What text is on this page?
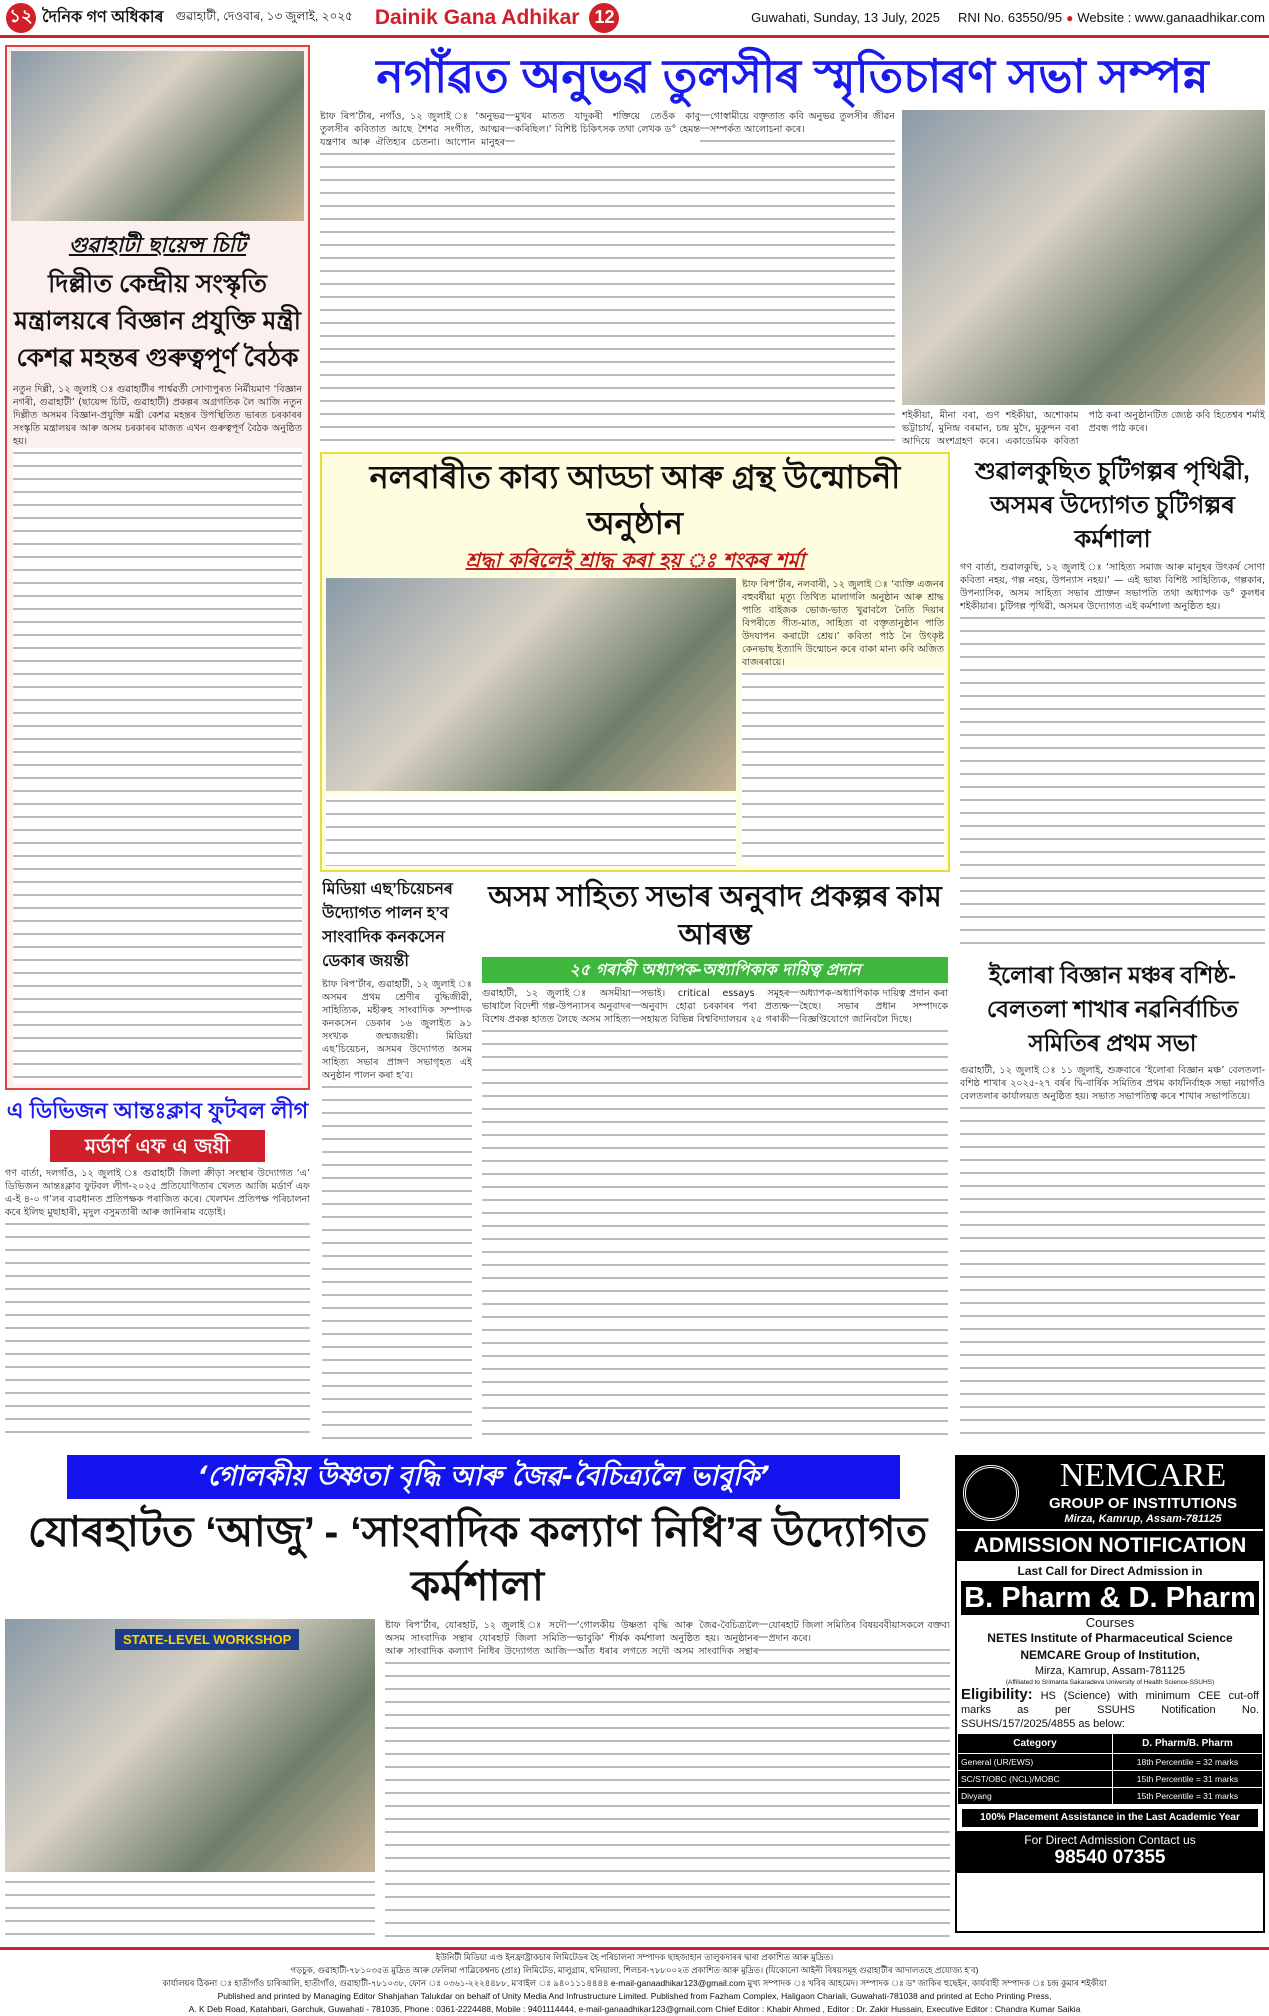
১২ দৈনিক গণ অধিকাৰ গুৱাহাটী, দেওবাৰ, ১৩ জুলাই, ২০২৫ Dainik Gana Adhikar 12	Guwahati, Sunday, 13 July, 2025 RNI No. 63550/95 ● Website : www.ganaadhikar.com
গুৱাহাটী ছায়েন্স চিটি
দিল্লীত কেন্দ্ৰীয় সংস্কৃতি মন্ত্ৰালয়ৰে বিজ্ঞান প্ৰযুক্তি মন্ত্ৰী কেশৱ মহন্তৰ গুৰুত্বপূৰ্ণ বৈঠক

নতুন দিল্লী, ১২ জুলাই ঃ গুৱাহাটীৰ পাৰ্শ্বৱৰ্তী সোণাপুৰত নিৰ্মীয়মাণ ‘বিজ্ঞান নগৰী, গুৱাহাটী’ (ছায়েন্স চিটি, গুৱাহাটী) প্ৰকল্পৰ অগ্ৰগতিক লৈ আজি নতুন দিল্লীত অসমৰ বিজ্ঞান-প্ৰযুক্তি মন্ত্ৰী কেশৱ মহন্তৰ উপস্থিতিত ভাৰত চৰকাৰৰ সংস্কৃতি মন্ত্ৰালয়ৰ আৰু অসম চৰকাৰৰ মাজত এখন গুৰুত্বপূৰ্ণ বৈঠক অনুষ্ঠিত হয়।

নগাঁৱত অনুভৱ তুলসীৰ স্মৃতিচাৰণ সভা সম্পন্ন

ষ্টাফ ৰিপ’ৰ্টাৰ, নগাঁও, ১২ জুলাই ঃ ‘অনুভৱ তুলসীৰ কবিতাত আছে শৈশৱ সংগীত, আত্মৰ যন্ত্ৰণাৰ আৰু ঐতিহ্যৰ চেতনা। আপোন মানুহৰ মুখৰ মাতত যাদুকৰী শক্তিয়ে তেওঁক কাবু কৰিছিল।’ বিশিষ্ট চিকিৎসক তথা লেখক ড° হেমন্ত গোস্বামীয়ে বক্তৃতাত কবি অনুভৱ তুলসীৰ জীৱন সম্পৰ্কত আলোচনা কৰে।

শইকীয়া, মীনা বৰা, গুণ শইকীয়া, অশোকাম ভট্টাচাৰ্য, মুনিন্দ্ৰ বৰমান, চন্দ্ৰ মুদৈ, মুকুন্দন বৰা আদিয়ে অংশগ্ৰহণ কৰে। একাডেমিক কবিতা পাঠ কৰা অনুষ্ঠানটিত জ্যেষ্ঠ কবি হিতেশ্বৰ শৰ্মাই প্ৰবন্ধ পাঠ কৰে।
নলবাৰীত কাব্য আড্ডা আৰু গ্ৰন্থ উন্মোচনী অনুষ্ঠান
শ্ৰদ্ধা কৰিলেই শ্ৰাদ্ধ কৰা হয় ঃ শংকৰ শৰ্মা

ষ্টাফ ৰিপ’ৰ্টাৰ, নলবাৰী, ১২ জুলাই ঃ ‘ব্যক্তি এজনৰ বহুবৰ্ষীয়া মৃত্যু তিথিত মালাগলি অনুষ্ঠান আৰু শ্ৰাদ্ধ পাতি বাইজক ভোজ-ভাত খুৱাবলৈ নৈতি দিয়াৰ বিপৰীতে গীত-মাত, সাহিত্য বা বক্তৃতানুষ্ঠান পাতি উদযাপন কৰাটো শ্ৰেয়।’ কবিতা পাঠ নৈ উৎকৃষ্ট কেনভাছ ইত্যাদি উন্মোচন কৰে বাকা মান্য কবি অজিত বাজৰৰায়ে।

শুৱালকুছিত চুটিগল্পৰ পৃথিৱী, অসমৰ উদ্যোগত চুটিগল্পৰ কৰ্মশালা

গণ বাৰ্তা, শুৱালকুছি, ১২ জুলাই ঃ ‘সাহিত্য সমাজ আৰু মানুহৰ উৎকৰ্ষ সোণা কবিতা নহয়, গল্প নহয়, উপন্যাস নহয়।’ — এই ভাষ্য বিশিষ্ট সাহিত্যিক, গল্পকাৰ, উপন্যাসিক, অসম সাহিত্য সভাৰ প্ৰাক্তন সভাপতি তথা অধ্যাপক ড° কুলধৰ শইকীয়াৰ। চুটিগল্প পৃথিৱী, অসমৰ উদ্যোগত এই কৰ্মশালা অনুষ্ঠিত হয়।

মিডিয়া এছ’চিয়েচনৰ উদ্যোগত পালন হ’ব সাংবাদিক কনকসেন ডেকাৰ জয়ন্তী

ষ্টাফ ৰিপ’ৰ্টাৰ, গুৱাহাটী, ১২ জুলাই ঃ অসমৰ প্ৰথম শ্ৰেণীৰ বুদ্ধিজীৱী, সাহিত্যিক, মহীৰুহ সাংবাদিক সম্পাদক কনকসেন ডেকাৰ ১৬ জুলাইত ৯১ সংখ্যক জন্মজয়ন্তী। মিডিয়া এছ’চিয়েচন, অসমৰ উদ্যোগত অসম সাহিত্য সভাৰ প্ৰাঙ্গণ সভাগৃহত এই অনুষ্ঠান পালন কৰা হ’ব।

অসম সাহিত্য সভাৰ অনুবাদ প্ৰকল্পৰ কাম আৰম্ভ
২৫ গৰাকী অধ্যাপক-অধ্যাপিকাক দায়িত্ব প্ৰদান

গুৱাহাটী, ১২ জুলাই ঃ অসমীয়া ভাষালৈ বিদেশী গল্প-উপন্যাসৰ অনুবাদৰ বিশেষ প্ৰকল্প হাতত লৈছে অসম সাহিত্য সভাই। critical essays সমূহৰ অনুবাদ হোৱা চৰকাৰৰ পৰা প্ৰত্যক্ষ সহায়ত বিভিন্ন বিশ্ববিদ্যালয়ৰ ২৫ গৰাকী অধ্যাপক-অধ্যাপিকাক দায়িত্ব প্ৰদান কৰা হৈছে। সভাৰ প্ৰধান সম্পাদকে বিজ্ঞপ্তিযোগে জানিবলৈ দিছে।

ইলোৰা বিজ্ঞান মঞ্চৰ বশিষ্ঠ-বেলতলা শাখাৰ নৱনিৰ্বাচিত সমিতিৰ প্ৰথম সভা

গুৱাহাটী, ১২ জুলাই ঃ ১১ জুলাই, শুক্ৰবাৰে ‘ইলোৰা বিজ্ঞান মঞ্চ’ বেলতলা-বশিষ্ঠ শাখাৰ ২০২৫-২৭ বৰ্ষৰ দ্বি-বাৰ্ষিক সমিতিৰ প্ৰথম কাৰ্যনিৰ্বাহক সভা নয়াগাঁও বেলতলাৰ কাৰ্যালয়ত অনুষ্ঠিত হয়। সভাত সভাপতিত্ব কৰে শাখাৰ সভাপতিয়ে।

এ ডিভিজন আন্তঃক্লাব ফুটবল লীগ
মৰ্ডাৰ্ণ এফ এ জয়ী

গণ বাৰ্তা, দলগাঁও, ১২ জুলাই ঃ গুৱাহাটী জিলা ক্ৰীড়া সংস্থাৰ উদ্যোগত ‘এ’ ডিভিজন আন্তঃক্লাব ফুটবল লীগ-২০২৫ প্ৰতিযোগিতাৰ খেলত আজি মৰ্ডাৰ্ণ এফ এ-ই ৪-০ গ’লৰ ব্যৱধানত প্ৰতিপক্ষক পৰাজিত কৰে। খেলখন প্ৰতিপক্ষ পৰিচালনা কৰে ইলিছ মুছাহাৰী, মৃদুল বসুমতাৰী আৰু জানিৰাম বড়োই।

‘গোলকীয় উষ্ণতা বৃদ্ধি আৰু জৈৱ-বৈচিত্ৰ্যলৈ ভাবুকি’
যোৰহাটত ‘আজু’ - ‘সাংবাদিক কল্যাণ নিধি’ৰ উদ্যোগত কৰ্মশালা
STATE-LEVEL WORKSHOP

ষ্টাফ ৰিপ’ৰ্টাৰ, যোৰহাট, ১২ জুলাই ঃ সদৌ অসম সাংবাদিক সন্থাৰ যোৰহাট জিলা সমিতি আৰু সাংবাদিক কল্যাণ নিধিৰ উদ্যোগত আজি ‘গোলকীয় উষ্ণতা বৃদ্ধি আৰু জৈৱ-বৈচিত্ৰ্যলৈ ভাবুকি’ শীৰ্ষক কৰ্মশালা অনুষ্ঠিত হয়। অনুষ্ঠানৰ আঁত ধৰাৰ লগতে সদৌ অসম সাংবাদিক সন্থাৰ যোৰহাট জিলা সমিতিৰ বিষয়ববীয়াসকলে বক্তব্য প্ৰদান কৰে।

NEMCARE
GROUP OF INSTITUTIONS
Mirza, Kamrup, Assam-781125
ADMISSION NOTIFICATION
Last Call for Direct Admission in
B. Pharm & D. Pharm
Courses
NETES Institute of Pharmaceutical Science
NEMCARE Group of Institution,
Mirza, Kamrup, Assam-781125
(Affiliated to Srimanta Sakaradeva University of Health Science-SSUHS)
Eligibility: HS (Science) with minimum CEE cut-off marks as per SSUHS Notification No. SSUHS/157/2025/4855 as below:
Category	D. Pharm/B. Pharm
General (UR/EWS)	18th Percentile = 32 marks
SC/ST/OBC (NCL)/MOBC	15th Percentile = 31 marks
Divyang	15th Percentile = 31 marks
100% Placement Assistance in the Last Academic Year
For Direct Admission Contact us
98540 07355
ইউনিটী মিডিয়া এণ্ড ইনফ্ৰাষ্ট্ৰাকচাৰ লিমিটেডৰ হৈ পৰিচালনা সম্পাদক ছাহজাহান তালুকদাৰৰ দ্বাৰা প্ৰকাশিত আৰু মুদ্ৰিত।
গড়চুক, গুৱাহাটী-৭৮১০৩৫ত মুদ্ৰিত আৰু ফেলিমা পাব্লিকেশ্বনচ (প্ৰাঃ) লিমিটেড, মালুগ্ৰাম, ঘনিয়ালা, শিলচৰ-৭৮৮০০২ত প্ৰকাশিত আৰু মুদ্ৰিত। (যিকোনো আইনী বিষয়সমূহ গুৱাহাটীৰ আদালতহে প্ৰযোজ্য হ’ব)
কাৰ্যালয়ৰ ঠিকনা ঃ হাতীগাঁও চাৰিআলি, হাতীগাঁও, গুৱাহাটী-৭৮১০৩৮, ফোন ঃ ০৩৬১-২২২৪৪৮৮, ম’বাইল ঃ ৯৪০১১১৪৪৪৪ e-mail-ganaadhikar123@gmail.com মুখ্য সম্পাদক ঃ খবিৰ আহমেদ। সম্পাদক ঃ ড° জাকিৰ হুছেইন, কাৰ্যবাহী সম্পাদক ঃ চন্দ্ৰ কুমাৰ শইকীয়া
Published and printed by Managing Editor Shahjahan Talukdar on behalf of Unity Media And Infrustructure Limited. Published from Fazham Complex, Haligaon Chariali, Guwahati-781038 and printed at Echo Printing Press,
A. K Deb Road, Katahbari, Garchuk, Guwahati - 781035, Phone : 0361-2224488, Mobile : 9401114444, e-mail-ganaadhikar123@gmail.com Chief Editor : Khabir Ahmed , Editor : Dr. Zakir Hussain, Executive Editor : Chandra Kumar Saikia
